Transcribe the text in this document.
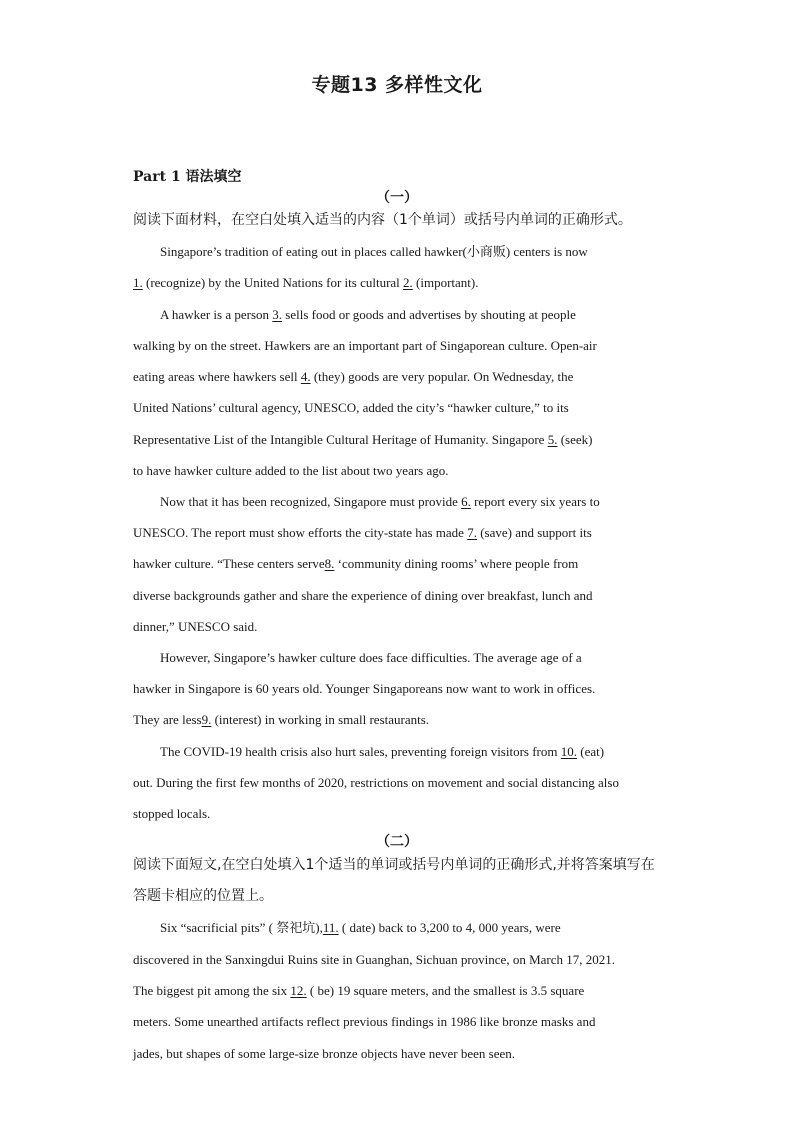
专题13 多样性文化
Part 1 语法填空
（一）
阅读下面材料，在空白处填入适当的内容（1个单词）或括号内单词的正确形式。
Singapore’s tradition of eating out in places called hawker(小商贩) centers is now
1. (recognize) by the United Nations for its cultural 2. (important).
A hawker is a person 3. sells food or goods and advertises by shouting at people
walking by on the street. Hawkers are an important part of Singaporean culture. Open-air
eating areas where hawkers sell 4. (they) goods are very popular. On Wednesday, the
United Nations’ cultural agency, UNESCO, added the city’s “hawker culture,” to its
Representative List of the Intangible Cultural Heritage of Humanity. Singapore 5. (seek)
to have hawker culture added to the list about two years ago.
Now that it has been recognized, Singapore must provide 6. report every six years to
UNESCO. The report must show efforts the city-state has made 7. (save) and support its
hawker culture. “These centers serve8. ‘community dining rooms’ where people from
diverse backgrounds gather and share the experience of dining over breakfast, lunch and
dinner,” UNESCO said.
However, Singapore’s hawker culture does face difficulties. The average age of a
hawker in Singapore is 60 years old. Younger Singaporeans now want to work in offices.
They are less9. (interest) in working in small restaurants.
The COVID-19 health crisis also hurt sales, preventing foreign visitors from 10. (eat)
out. During the first few months of 2020, restrictions on movement and social distancing also
stopped locals.
（二）
阅读下面短文,在空白处填入1个适当的单词或括号内单词的正确形式,并将答案填写在
答题卡相应的位置上。
Six “sacrificial pits” ( 祭祀坑),11. ( date) back to 3,200 to 4, 000 years, were
discovered in the Sanxingdui Ruins site in Guanghan, Sichuan province, on March 17, 2021.
The biggest pit among the six 12. ( be) 19 square meters, and the smallest is 3.5 square
meters. Some unearthed artifacts reflect previous findings in 1986 like bronze masks and
jades, but shapes of some large-size bronze objects have never been seen.
